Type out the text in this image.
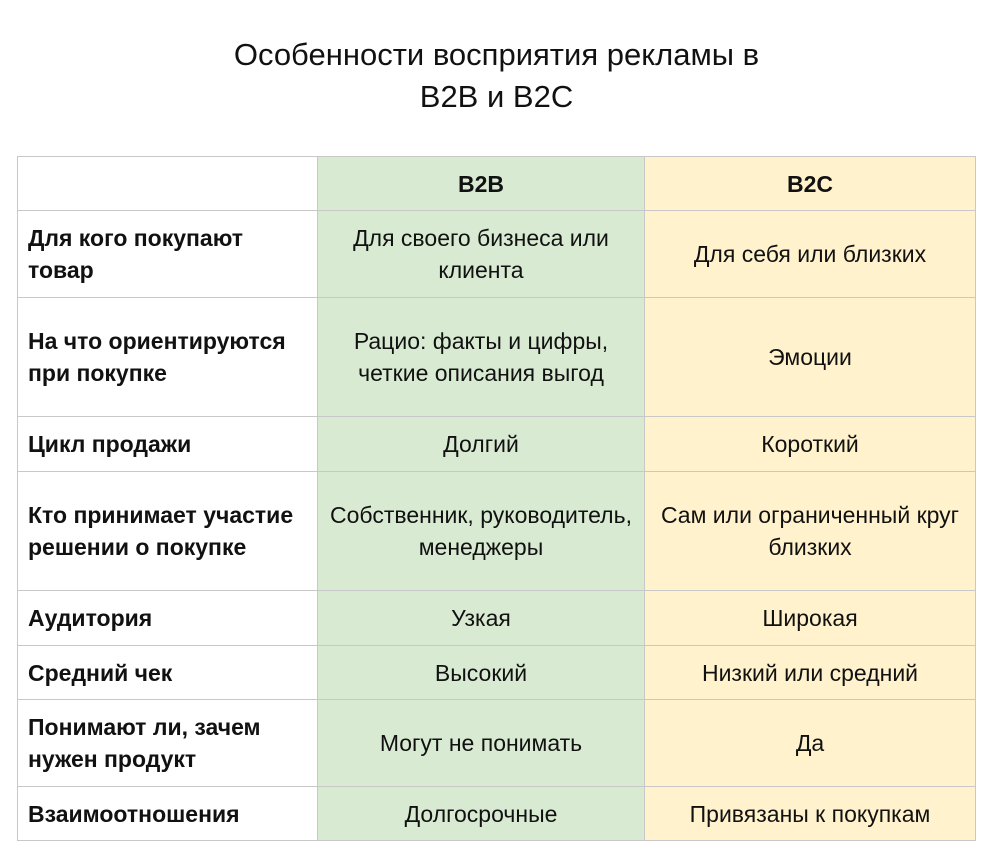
Особенности восприятия рекламы в
B2B и B2C
	B2B	B2C
Для кого покупают товар	Для своего бизнеса или клиента	Для себя или близких
На что ориентируются при покупке	Рацио: факты и цифры, четкие описания выгод	Эмоции
Цикл продажи	Долгий	Короткий
Кто принимает участие решении о покупке	Собственник, руководитель, менеджеры	Сам или ограниченный круг близких
Аудитория	Узкая	Широкая
Средний чек	Высокий	Низкий или средний
Понимают ли, зачем нужен продукт	Могут не понимать	Да
Взаимоотношения	Долгосрочные	Привязаны к покупкам
